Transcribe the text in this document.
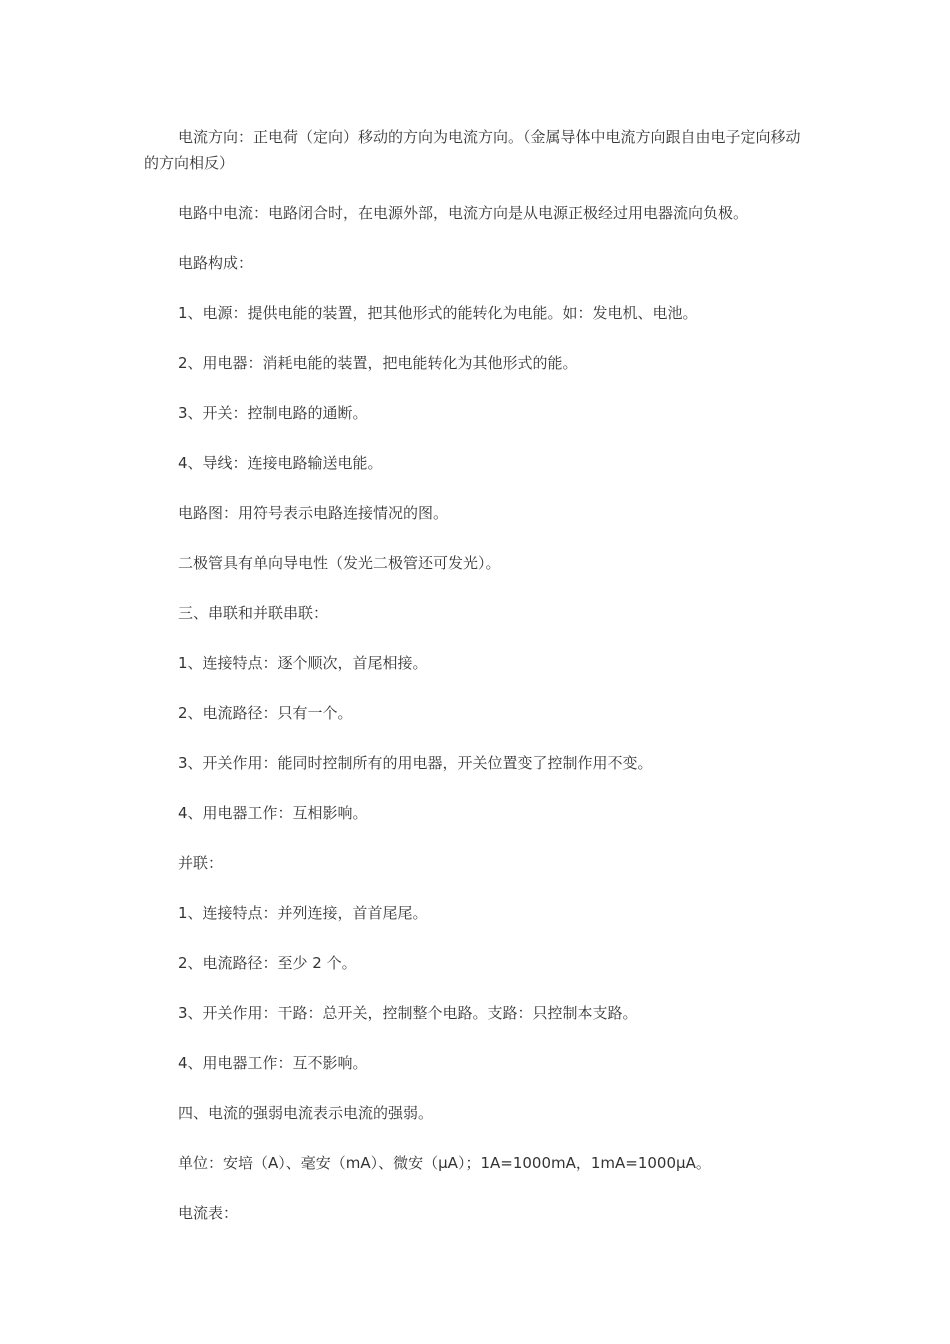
电流方向：正电荷（定向）移动的方向为电流方向。（金属导体中电流方向跟自由电子定向移动的方向相反）

电路中电流：电路闭合时，在电源外部，电流方向是从电源正极经过用电器流向负极。

电路构成：

1、电源：提供电能的装置，把其他形式的能转化为电能。如：发电机、电池。

2、用电器：消耗电能的装置，把电能转化为其他形式的能。

3、开关：控制电路的通断。

4、导线：连接电路输送电能。

电路图：用符号表示电路连接情况的图。

二极管具有单向导电性（发光二极管还可发光）。

三、串联和并联串联：

1、连接特点：逐个顺次，首尾相接。

2、电流路径：只有一个。

3、开关作用：能同时控制所有的用电器，开关位置变了控制作用不变。

4、用电器工作：互相影响。

并联：

1、连接特点：并列连接，首首尾尾。

2、电流路径：至少 2 个。

3、开关作用：干路：总开关，控制整个电路。支路：只控制本支路。

4、用电器工作：互不影响。

四、电流的强弱电流表示电流的强弱。

单位：安培（A）、毫安（mA）、微安（μA）；1A=1000mA，1mA=1000μA。

电流表：
